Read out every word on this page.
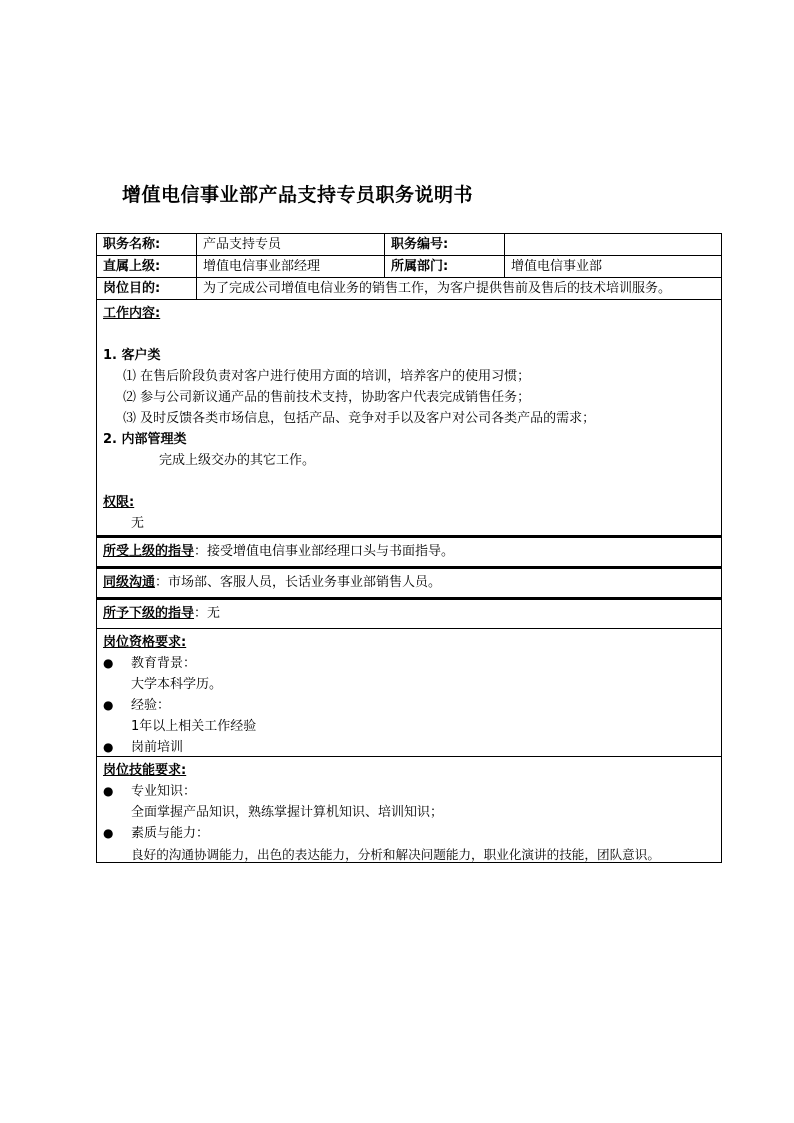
增值电信事业部产品支持专员职务说明书
职务名称:	产品支持专员	职务编号:
直属上级:	增值电信事业部经理	所属部门:	增值电信事业部
岗位目的:	为了完成公司增值电信业务的销售工作，为客户提供售前及售后的技术培训服务。
工作内容:
1. 客户类
⑴ 在售后阶段负责对客户进行使用方面的培训，培养客户的使用习惯；
⑵ 参与公司新议通产品的售前技术支持，协助客户代表完成销售任务；
⑶ 及时反馈各类市场信息，包括产品、竞争对手以及客户对公司各类产品的需求；
2. 内部管理类
完成上级交办的其它工作。
权限:
无
所受上级的指导：接受增值电信事业部经理口头与书面指导。
同级沟通：市场部、客服人员，长话业务事业部销售人员。
所予下级的指导：无
岗位资格要求:
●	教育背景：
大学本科学历。
●	经验：
1年以上相关工作经验
●	岗前培训
岗位技能要求:
●	专业知识：
全面掌握产品知识，熟练掌握计算机知识、培训知识；
●	素质与能力：
良好的沟通协调能力，出色的表达能力，分析和解决问题能力，职业化演讲的技能，团队意识。
